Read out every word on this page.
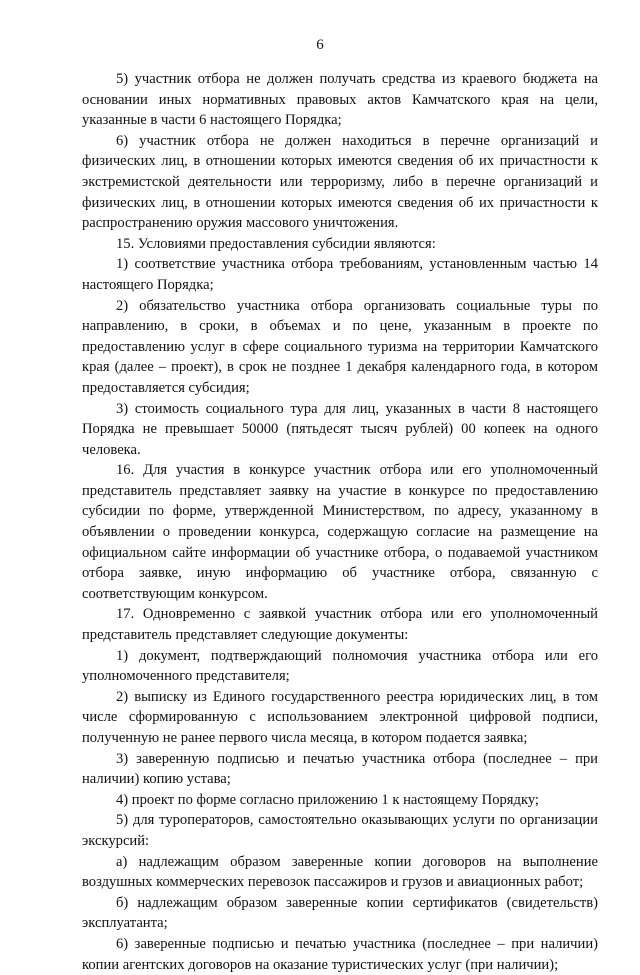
6

5) участник отбора не должен получать средства из краевого бюджета на основании иных нормативных правовых актов Камчатского края на цели, указанные в части 6 настоящего Порядка;

6) участник отбора не должен находиться в перечне организаций и физических лиц, в отношении которых имеются сведения об их причастности к экстремистской деятельности или терроризму, либо в перечне организаций и физических лиц, в отношении которых имеются сведения об их причастности к распространению оружия массового уничтожения.

15. Условиями предоставления субсидии являются:

1) соответствие участника отбора требованиям, установленным частью 14 настоящего Порядка;

2) обязательство участника отбора организовать социальные туры по направлению, в сроки, в объемах и по цене, указанным в проекте по предоставлению услуг в сфере социального туризма на территории Камчатского края (далее – проект), в срок не позднее 1 декабря календарного года, в котором предоставляется субсидия;

3) стоимость социального тура для лиц, указанных в части 8 настоящего Порядка не превышает 50000 (пятьдесят тысяч рублей) 00 копеек на одного человека.

16. Для участия в конкурсе участник отбора или его уполномоченный представитель представляет заявку на участие в конкурсе по предоставлению субсидии по форме, утвержденной Министерством, по адресу, указанному в объявлении о проведении конкурса, содержащую согласие на размещение на официальном сайте информации об участнике отбора, о подаваемой участником отбора заявке, иную информацию об участнике отбора, связанную с соответствующим конкурсом.

17. Одновременно с заявкой участник отбора или его уполномоченный представитель представляет следующие документы:

1) документ, подтверждающий полномочия участника отбора или его уполномоченного представителя;

2) выписку из Единого государственного реестра юридических лиц, в том числе сформированную с использованием электронной цифровой подписи, полученную не ранее первого числа месяца, в котором подается заявка;

3) заверенную подписью и печатью участника отбора (последнее – при наличии) копию устава;

4) проект по форме согласно приложению 1 к настоящему Порядку;

5) для туроператоров, самостоятельно оказывающих услуги по организации экскурсий:

а) надлежащим образом заверенные копии договоров на выполнение воздушных коммерческих перевозок пассажиров и грузов и авиационных работ;

б) надлежащим образом заверенные копии сертификатов (свидетельств) эксплуатанта;

6) заверенные подписью и печатью участника (последнее – при наличии) копии агентских договоров на оказание туристических услуг (при наличии);
